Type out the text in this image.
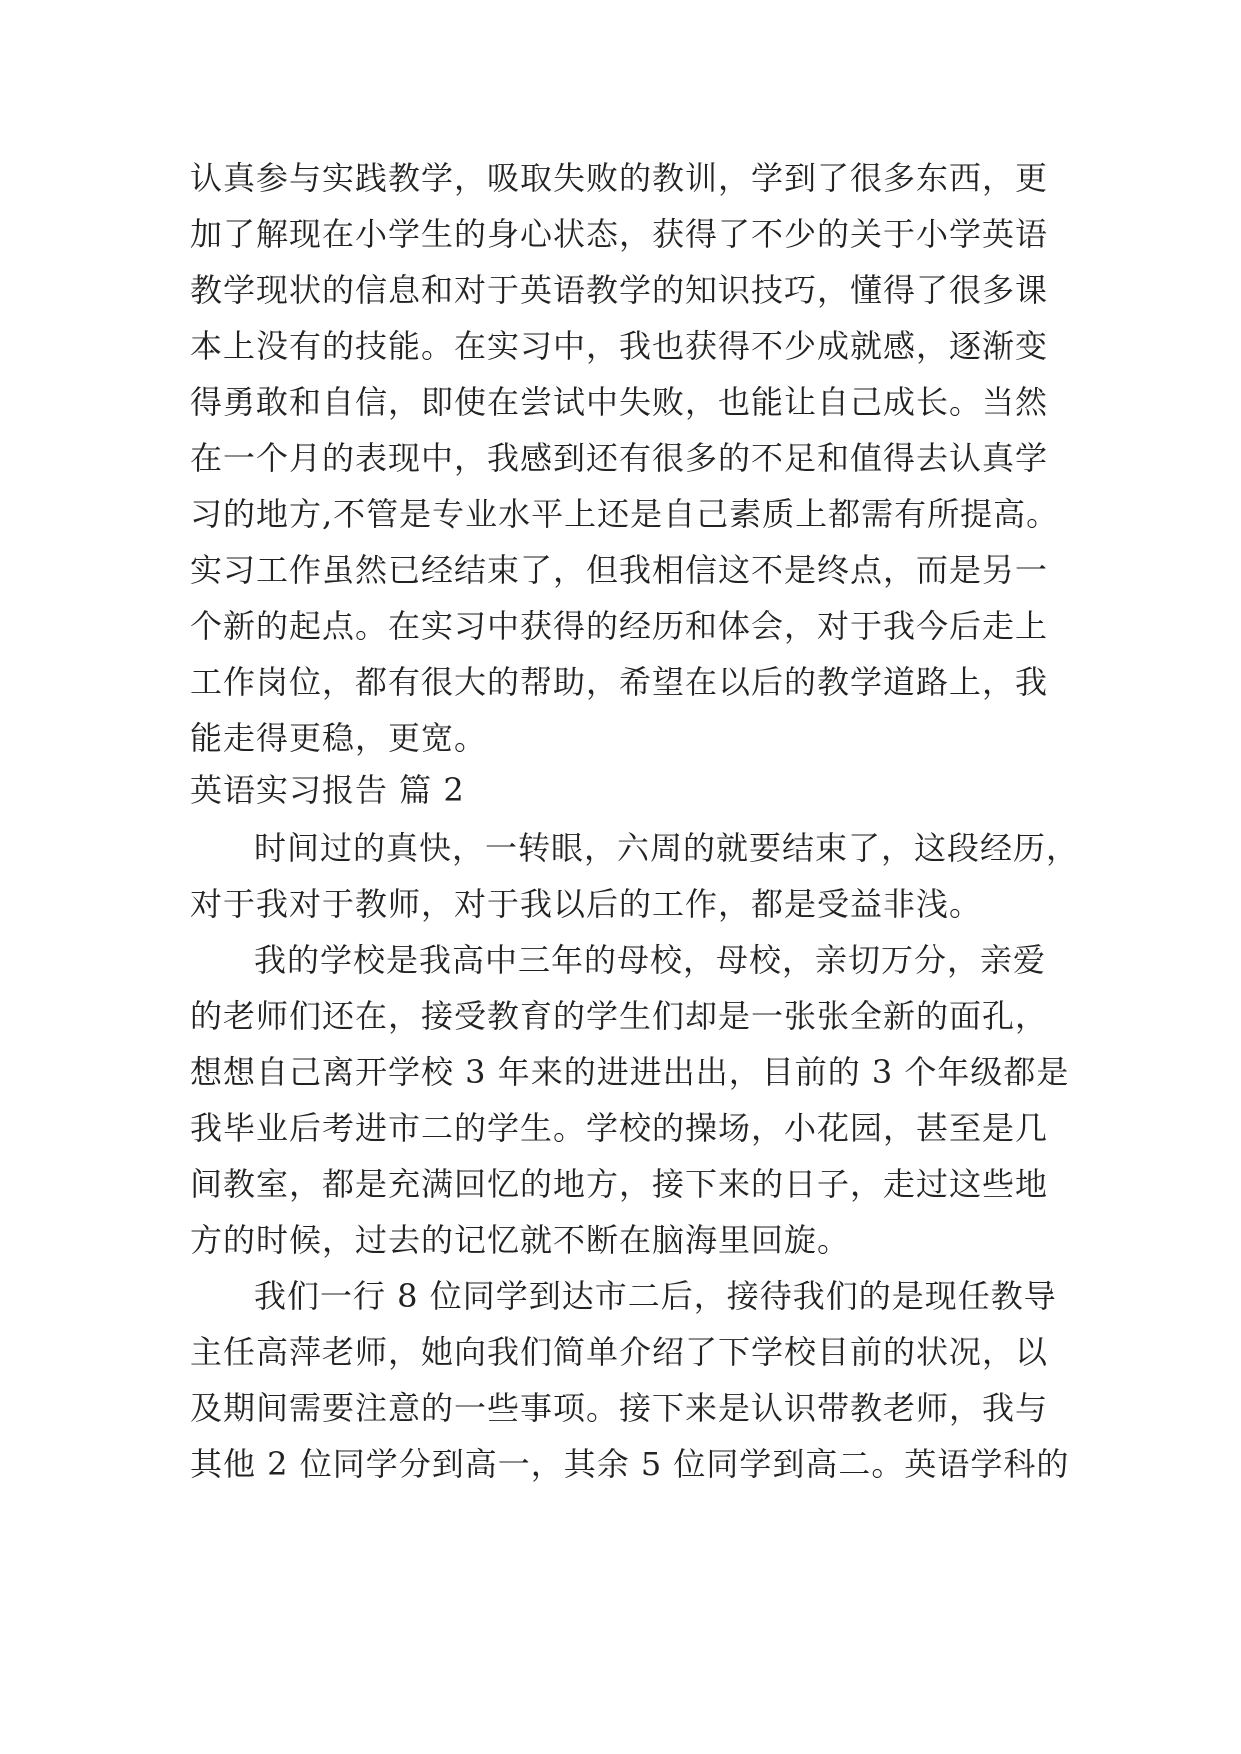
认真参与实践教学，吸取失败的教训，学到了很多东西，更
加了解现在小学生的身心状态，获得了不少的关于小学英语
教学现状的信息和对于英语教学的知识技巧，懂得了很多课
本上没有的技能。在实习中，我也获得不少成就感，逐渐变
得勇敢和自信，即使在尝试中失败，也能让自己成长。当然
在一个月的表现中，我感到还有很多的不足和值得去认真学
习的地方,不管是专业水平上还是自己素质上都需有所提高。
实习工作虽然已经结束了，但我相信这不是终点，而是另一
个新的起点。在实习中获得的经历和体会，对于我今后走上
工作岗位，都有很大的帮助，希望在以后的教学道路上，我
能走得更稳，更宽。
英语实习报告 篇 2
时间过的真快，一转眼，六周的就要结束了，这段经历，
对于我对于教师，对于我以后的工作，都是受益非浅。
我的学校是我高中三年的母校，母校，亲切万分，亲爱
的老师们还在，接受教育的学生们却是一张张全新的面孔，
想想自己离开学校 3 年来的进进出出，目前的 3 个年级都是
我毕业后考进市二的学生。学校的操场，小花园，甚至是几
间教室，都是充满回忆的地方，接下来的日子，走过这些地
方的时候，过去的记忆就不断在脑海里回旋。
我们一行 8 位同学到达市二后，接待我们的是现任教导
主任高萍老师，她向我们简单介绍了下学校目前的状况，以
及期间需要注意的一些事项。接下来是认识带教老师，我与
其他 2 位同学分到高一，其余 5 位同学到高二。英语学科的
